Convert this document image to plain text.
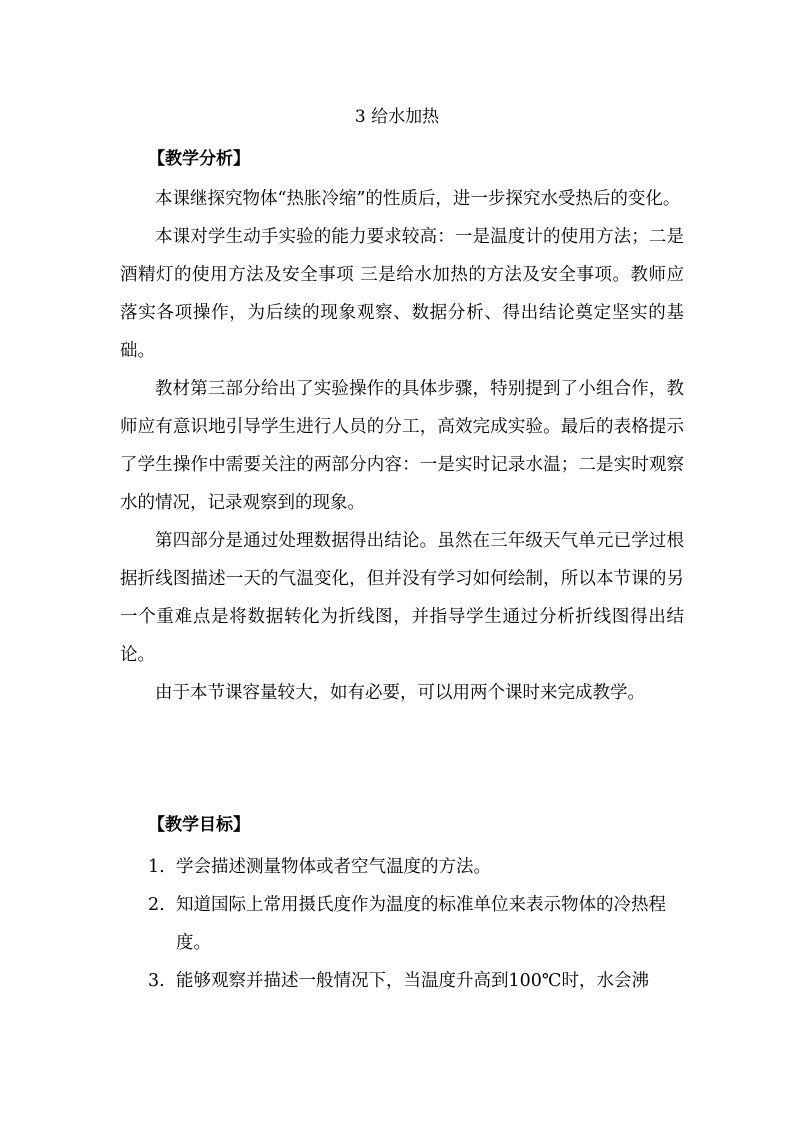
3 给水加热
【教学分析】

本课继探究物体“热胀冷缩”的性质后，进一步探究水受热后的变化。

本课对学生动手实验的能力要求较高：一是温度计的使用方法；二是酒精灯的使用方法及安全事项 三是给水加热的方法及安全事项。教师应落实各项操作，为后续的现象观察、数据分析、得出结论奠定坚实的基础。

教材第三部分给出了实验操作的具体步骤，特别提到了小组合作，教师应有意识地引导学生进行人员的分工，高效完成实验。最后的表格提示了学生操作中需要关注的两部分内容：一是实时记录水温；二是实时观察水的情况，记录观察到的现象。

第四部分是通过处理数据得出结论。虽然在三年级天气单元已学过根据折线图描述一天的气温变化，但并没有学习如何绘制，所以本节课的另一个重难点是将数据转化为折线图，并指导学生通过分析折线图得出结论。

由于本节课容量较大，如有必要，可以用两个课时来完成教学。

【教学目标】
1. 学会描述测量物体或者空气温度的方法。
2. 知道国际上常用摄氏度作为温度的标准单位来表示物体的冷热程度。
3. 能够观察并描述一般情况下，当温度升高到100℃时，水会沸
